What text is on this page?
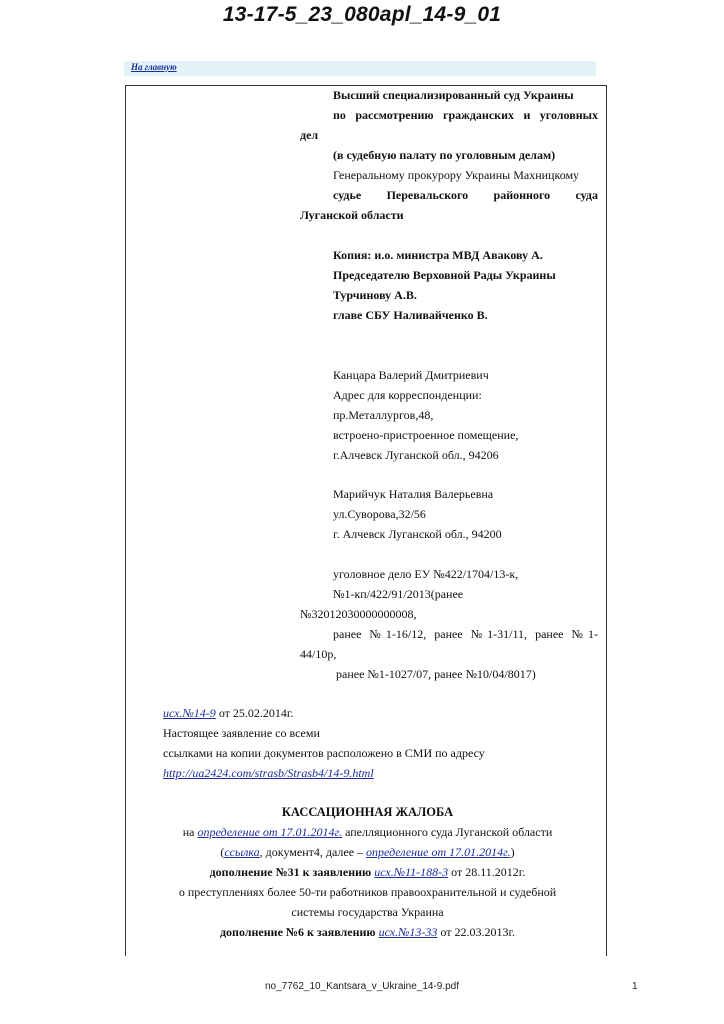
13-17-5_23_080apl_14-9_01
На главную
Высший специализированный суд Украины
по рассмотрению гражданских и уголовных
дел
(в судебную палату по уголовным делам)
Генеральному прокурору Украины Махницкому
судье Перевальского районного суда
Луганской области
Копия: и.о. министра МВД Авакову А.
Председателю Верховной Рады Украины
Турчинову А.В.
главе СБУ Наливайченко В.
Канцара Валерий Дмитриевич
Адрес для корреспонденции:
пр.Металлургов,48,
встроено-пристроенное помещение,
г.Алчевск Луганской обл., 94206
Марийчук Наталия Валерьевна
ул.Суворова,32/56
г. Алчевск Луганской обл., 94200
уголовное дело ЕУ №422/1704/13-к,
№1-кп/422/91/2013(ранее
№32012030000000008,
ранее №1-16/12, ранее №1-31/11, ранее №1-
44/10р,
ранее №1-1027/07, ранее №10/04/8017)
исх.№14-9 от 25.02.2014г.
Настоящее заявление со всеми
ссылками на копии документов расположено в СМИ по адресу
http://ua2424.com/strasb/Strasb4/14-9.html
КАССАЦИОННАЯ ЖАЛОБА
на определение от 17.01.2014г. апелляционного суда Луганской области
(ссылка, документ4, далее – определение от 17.01.2014г.)
дополнение №31 к заявлению исх.№11-188-3 от 28.11.2012г.
о преступлениях более 50-ти работников правоохранительной и судебной
системы государства Украина
дополнение №6 к заявлению исх.№13-33 от 22.03.2013г.
no_7762_10_Kantsara_v_Ukraine_14-9.pdf	1
